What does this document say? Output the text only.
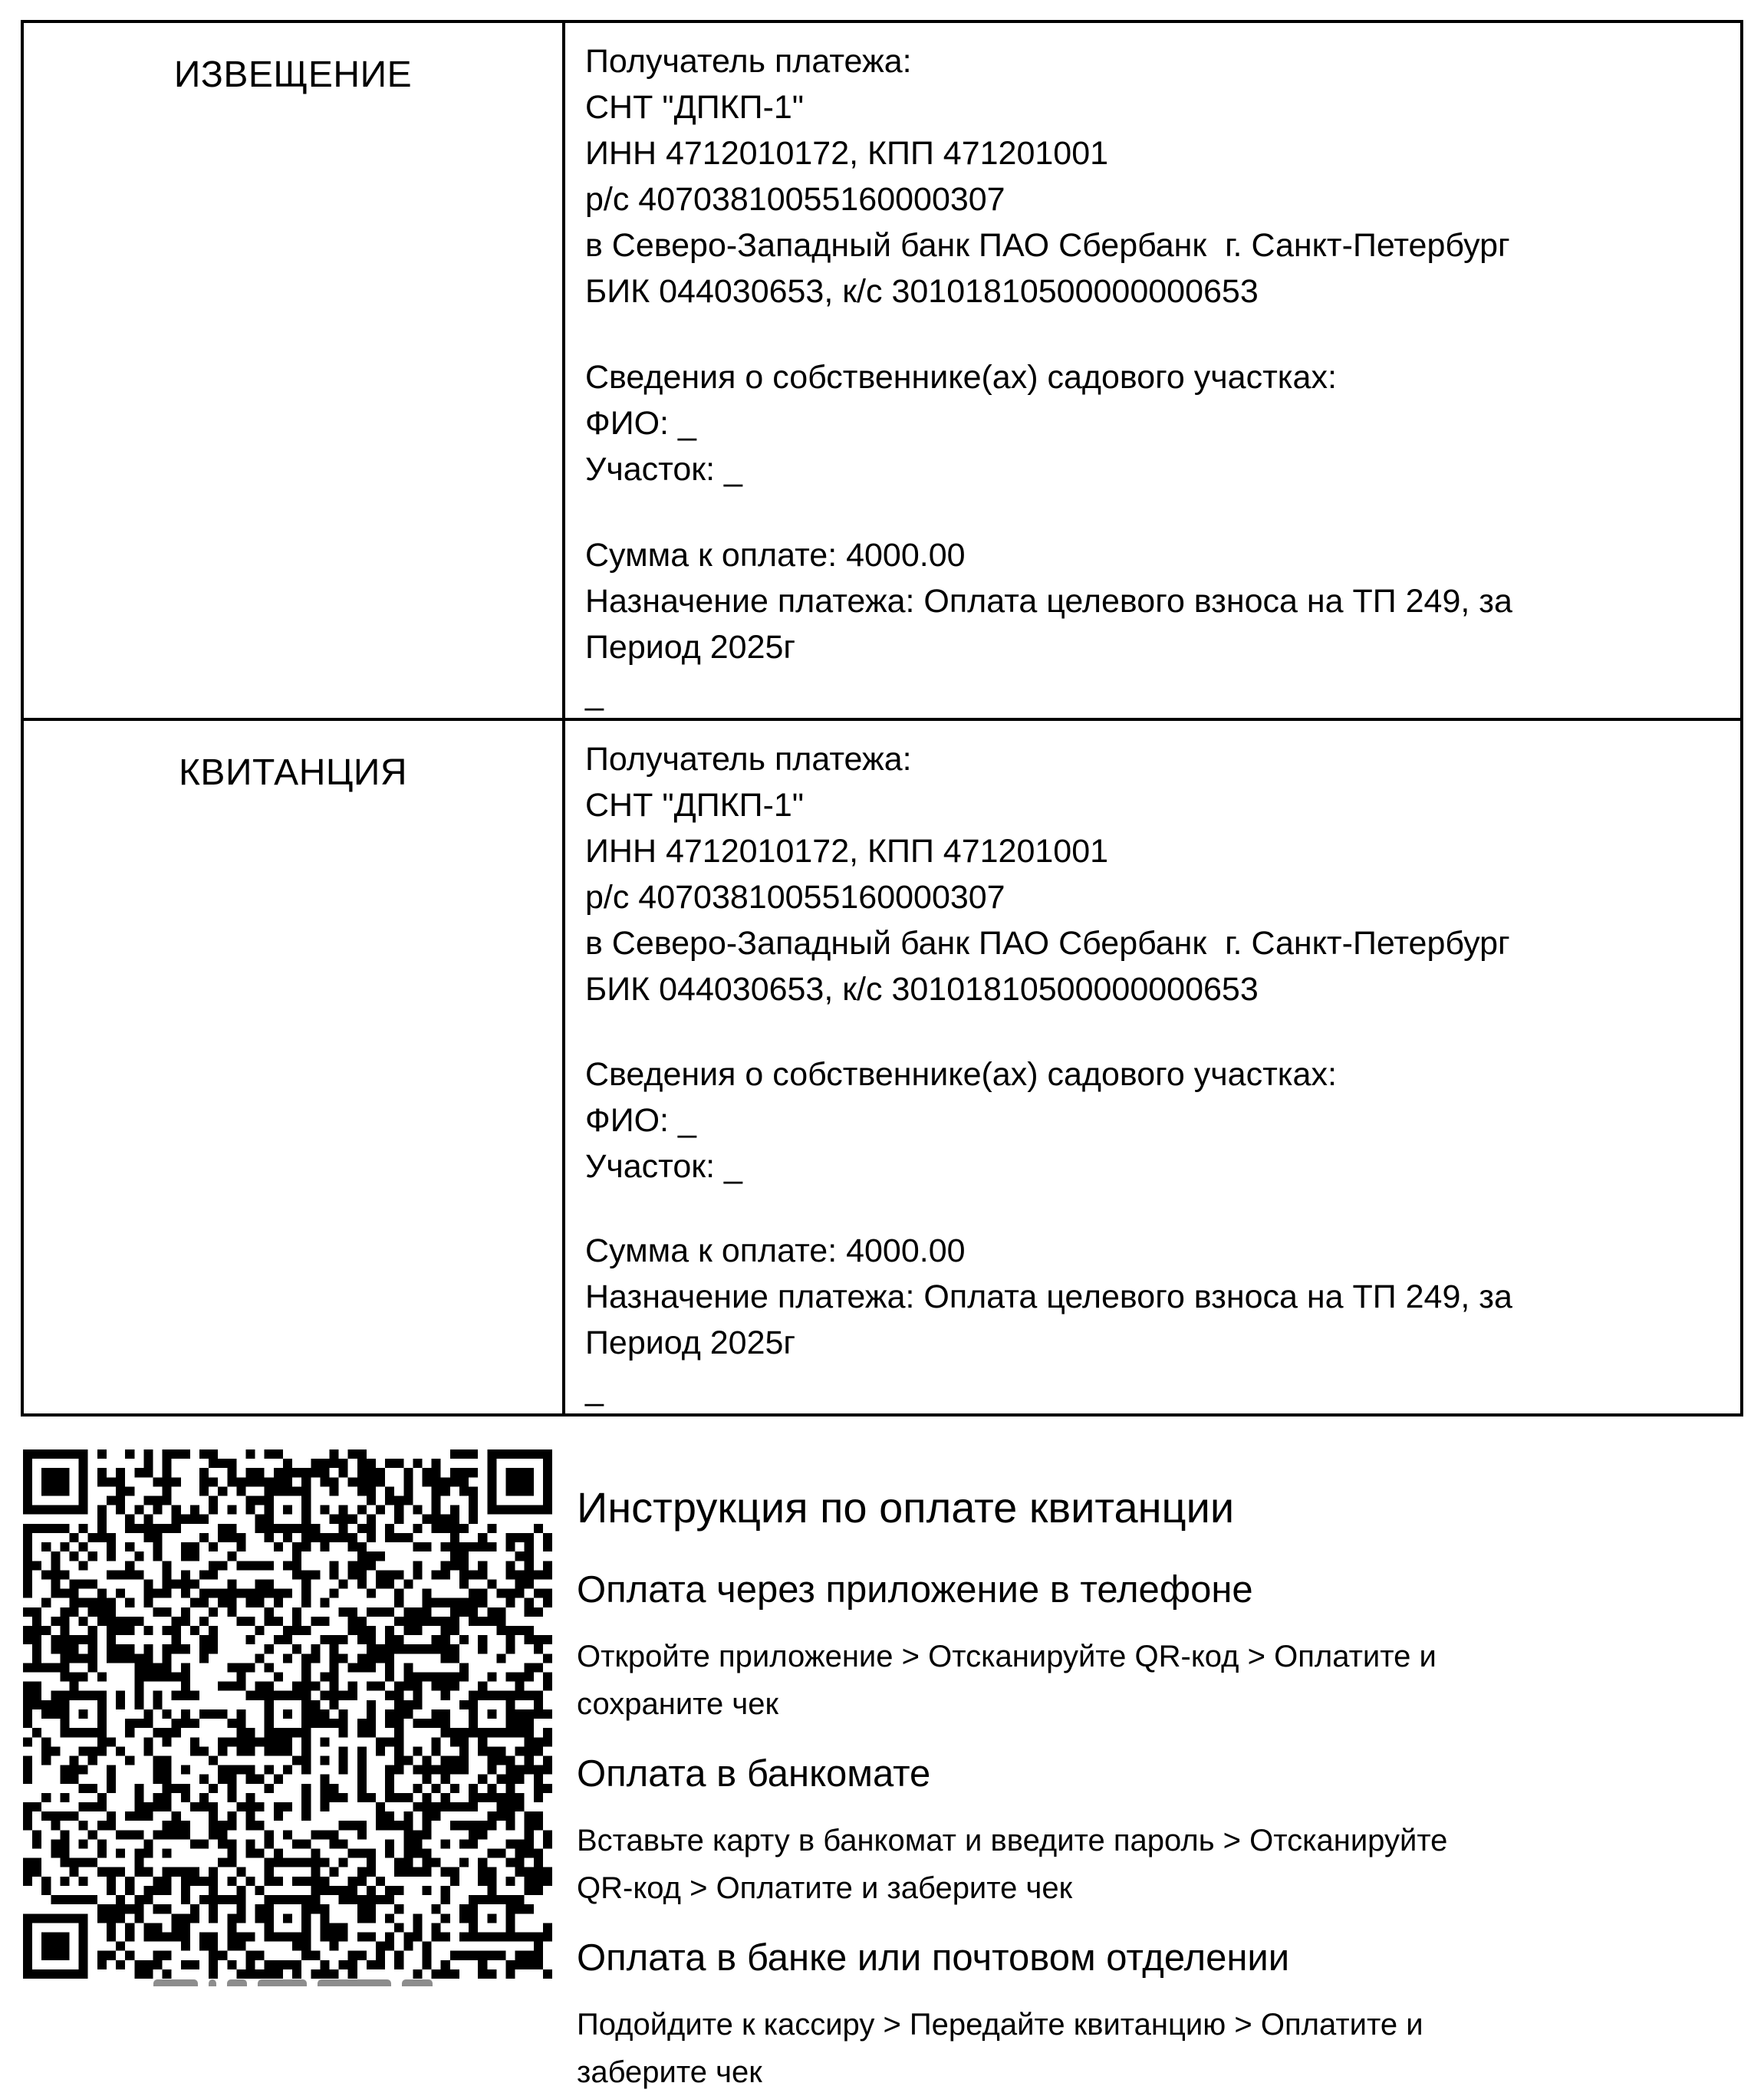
ИЗВЕЩЕНИЕ	Получатель платежа:
СНТ "ДПКП-1"
ИНН 4712010172, КПП 471201001
р/с 40703810055160000307
в Северо-Западный банк ПАО Сбербанк  г. Санкт-Петербург
БИК 044030653, к/с 30101810500000000653
Сведения о собственнике(ах) садового участках:
ФИО: _
Участок: _
Сумма к оплате: 4000.00
Назначение платежа: Оплата целевого взноса на ТП 249, за
Период 2025г
_
КВИТАНЦИЯ	Получатель платежа:
СНТ "ДПКП-1"
ИНН 4712010172, КПП 471201001
р/с 40703810055160000307
в Северо-Западный банк ПАО Сбербанк  г. Санкт-Петербург
БИК 044030653, к/с 30101810500000000653
Сведения о собственнике(ах) садового участках:
ФИО: _
Участок: _
Сумма к оплате: 4000.00
Назначение платежа: Оплата целевого взноса на ТП 249, за
Период 2025г
_
Инструкция по оплате квитанции
Оплата через приложение в телефоне

Откройте приложение > Отсканируйте QR-код > Оплатите и
сохраните чек

Оплата в банкомате

Вставьте карту в банкомат и введите пароль > Отсканируйте
QR-код > Оплатите и заберите чек

Оплата в банке или почтовом отделении

Подойдите к кассиру > Передайте квитанцию > Оплатите и
заберите чек
